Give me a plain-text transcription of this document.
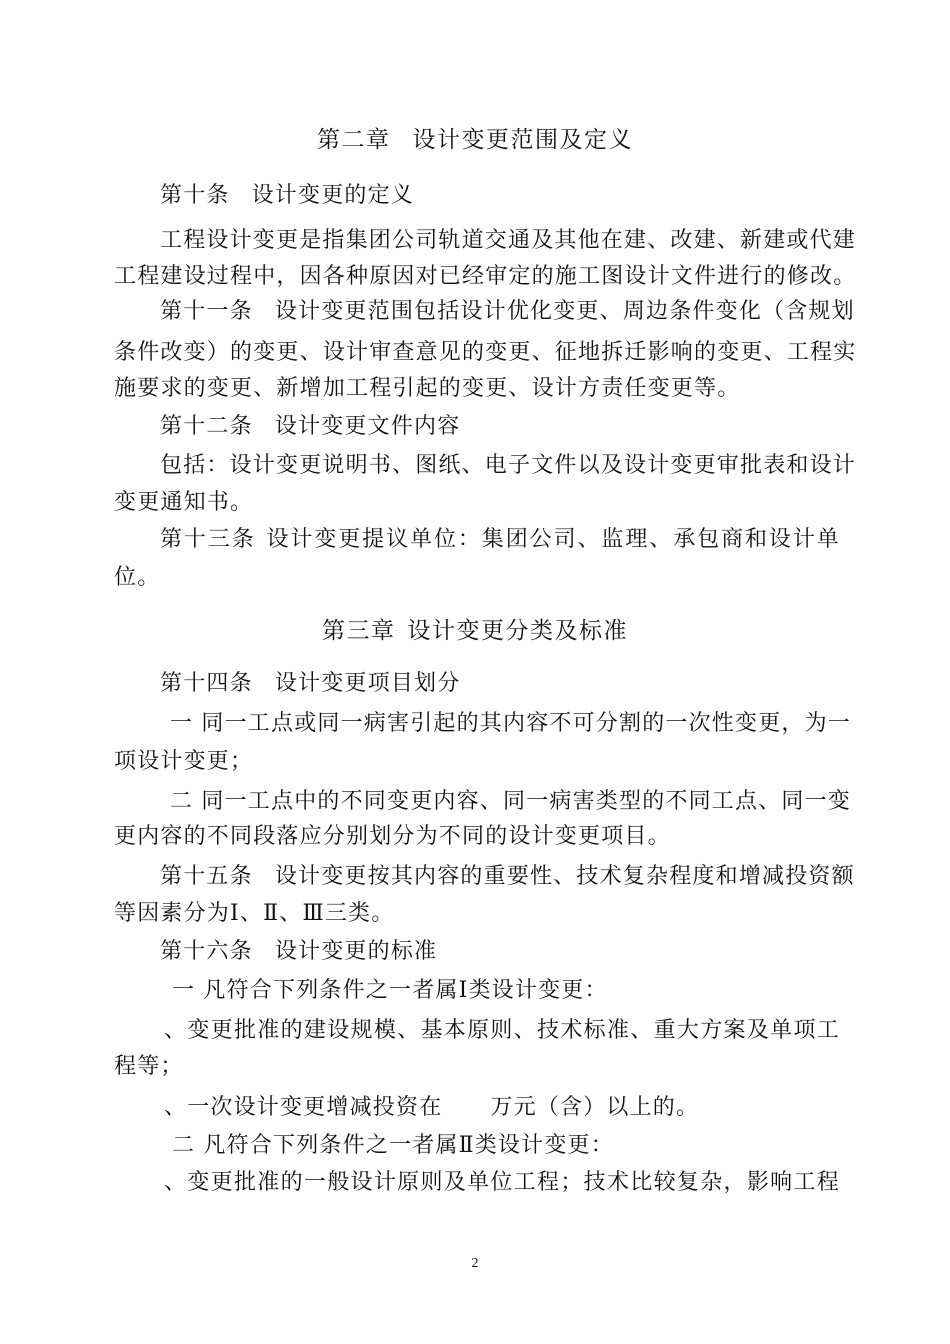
第二章 设计变更范围及定义
第十条 设计变更的定义
工程设计变更是指集团公司轨道交通及其他在建、改建、新建或代建
工程建设过程中，因各种原因对已经审定的施工图设计文件进行的修改。
第十一条 设计变更范围包括设计优化变更、周边条件变化（含规划
条件改变）的变更、设计审查意见的变更、征地拆迁影响的变更、工程实
施要求的变更、新增加工程引起的变更、设计方责任变更等。
第十二条 设计变更文件内容
包括：设计变更说明书、图纸、电子文件以及设计变更审批表和设计
变更通知书。
第十三条 设计变更提议单位：集团公司、监理、承包商和设计单
位。
第三章 设计变更分类及标准
第十四条 设计变更项目划分
一 同一工点或同一病害引起的其内容不可分割的一次性变更，为一
项设计变更；
二 同一工点中的不同变更内容、同一病害类型的不同工点、同一变
更内容的不同段落应分别划分为不同的设计变更项目。
第十五条 设计变更按其内容的重要性、技术复杂程度和增减投资额
等因素分为Ⅰ、Ⅱ、Ⅲ三类。
第十六条 设计变更的标准
一 凡符合下列条件之一者属Ⅰ类设计变更：
、变更批准的建设规模、基本原则、技术标准、重大方案及单项工
程等；
、一次设计变更增减投资在 万元（含）以上的。
二 凡符合下列条件之一者属Ⅱ类设计变更：
、变更批准的一般设计原则及单位工程；技术比较复杂，影响工程
2
